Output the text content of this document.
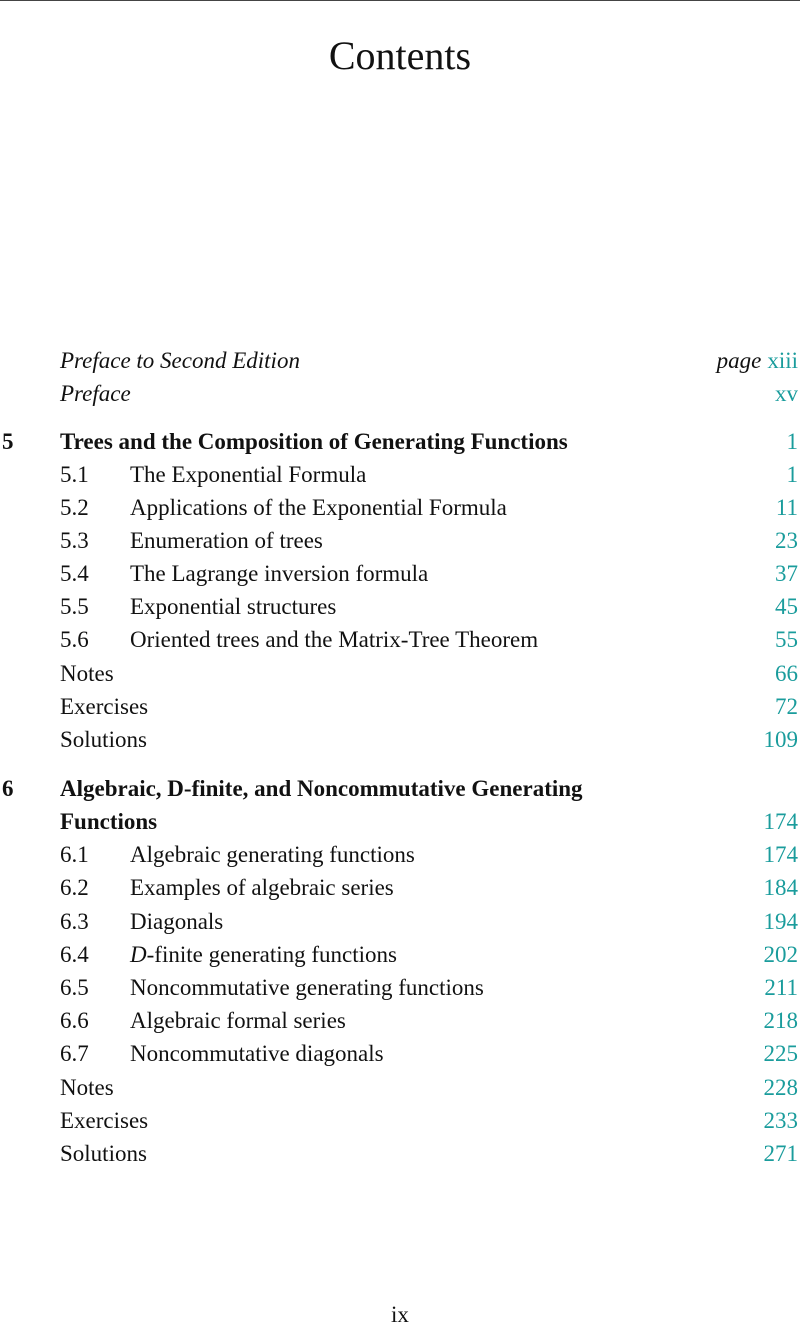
Contents
Preface to Second Edition	page xiii
Preface	xv
5 Trees and the Composition of Generating Functions	1
5.1 The Exponential Formula	1
5.2 Applications of the Exponential Formula	11
5.3 Enumeration of trees	23
5.4 The Lagrange inversion formula	37
5.5 Exponential structures	45
5.6 Oriented trees and the Matrix-Tree Theorem	55
Notes	66
Exercises	72
Solutions	109
6 Algebraic, D-finite, and Noncommutative Generating
Functions	174
6.1 Algebraic generating functions	174
6.2 Examples of algebraic series	184
6.3 Diagonals	194
6.4 D-finite generating functions	202
6.5 Noncommutative generating functions	211
6.6 Algebraic formal series	218
6.7 Noncommutative diagonals	225
Notes	228
Exercises	233
Solutions	271
ix
